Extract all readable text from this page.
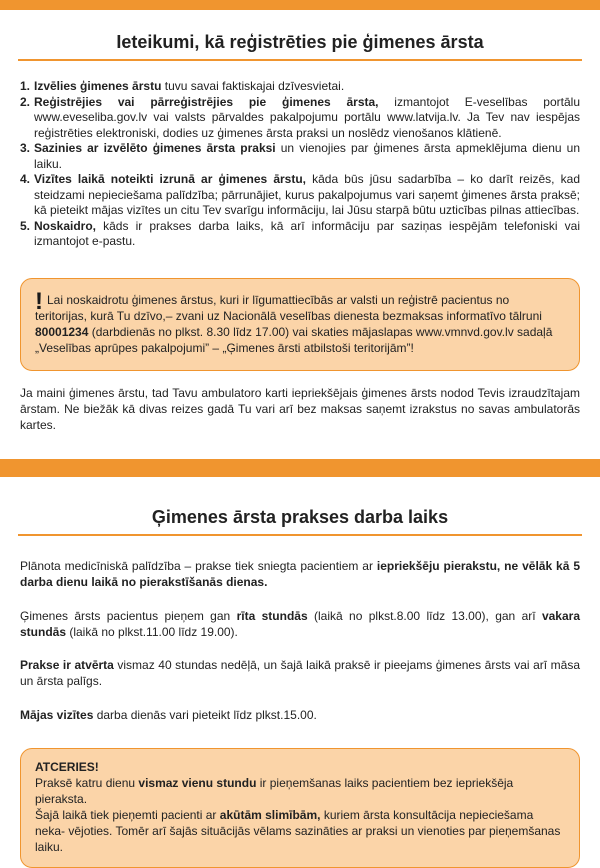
Ieteikumi, kā reģistrēties pie ģimenes ārsta
1. Izvēlies ģimenes ārstu tuvu savai faktiskajai dzīvesvietai.
2. Reģistrējies vai pārreģistrējies pie ģimenes ārsta, izmantojot E-veselības portālu www.eveseliba.gov.lv vai valsts pārvaldes pakalpojumu portālu www.latvija.lv. Ja Tev nav iespējas reģistrēties elektroniski, dodies uz ģimenes ārsta praksi un noslēdz vienošanos klātienē.
3. Sazinies ar izvēlēto ģimenes ārsta praksi un vienojies par ģimenes ārsta apmeklējuma dienu un laiku.
4. Vizītes laikā noteikti izrunā ar ģimenes ārstu, kāda būs jūsu sadarbība – ko darīt reizēs, kad steidzami nepieciešama palīdzība; pārrunājiet, kurus pakalpojumus vari saņemt ģimenes ārsta praksē; kā pieteikt mājas vizītes un citu Tev svarīgu informāciju, lai Jūsu starpā būtu uzticības pilnas attiecības.
5. Noskaidro, kāds ir prakses darba laiks, kā arī informāciju par saziņas iespējām telefoniski vai izmantojot e-pastu.
! Lai noskaidrotu ģimenes ārstus, kuri ir līgumattiecībās ar valsti un reģistrē pacientus no teritorijas, kurā Tu dzīvo,– zvani uz Nacionālā veselības dienesta bezmaksas informatīvo tālruni 80001234 (darbdienās no plkst. 8.30 līdz 17.00) vai skaties mājaslapas www.vmnvd.gov.lv sadaļā „Veselības aprūpes pakalpojumi” – „Ģimenes ārsti atbilstoši teritorijām”!

Ja maini ģimenes ārstu, tad Tavu ambulatoro karti iepriekšējais ģimenes ārsts nodod Tevis izraudzītajam ārstam. Ne biežāk kā divas reizes gadā Tu vari arī bez maksas saņemt izrakstus no savas ambulatorās kartes.

Ģimenes ārsta prakses darba laiks

Plānota medicīniskā palīdzība – prakse tiek sniegta pacientiem ar iepriekšēju pierakstu, ne vēlāk kā 5 darba dienu laikā no pierakstīšanās dienas.

Ģimenes ārsts pacientus pieņem gan rīta stundās (laikā no plkst.8.00 līdz 13.00), gan arī vakara stundās (laikā no plkst.11.00 līdz 19.00).

Prakse ir atvērta vismaz 40 stundas nedēļā, un šajā laikā praksē ir pieejams ģimenes ārsts vai arī māsa un ārsta palīgs.

Mājas vizītes darba dienās vari pieteikt līdz plkst.15.00.

ATCERIES!
Praksē katru dienu vismaz vienu stundu ir pieņemšanas laiks pacientiem bez iepriekšēja pieraksta.
Šajā laikā tiek pieņemti pacienti ar akūtām slimībām, kuriem ārsta konsultācija nepieciešama neka- vējoties. Tomēr arī šajās situācijās vēlams sazināties ar praksi un vienoties par pieņemšanas laiku.
